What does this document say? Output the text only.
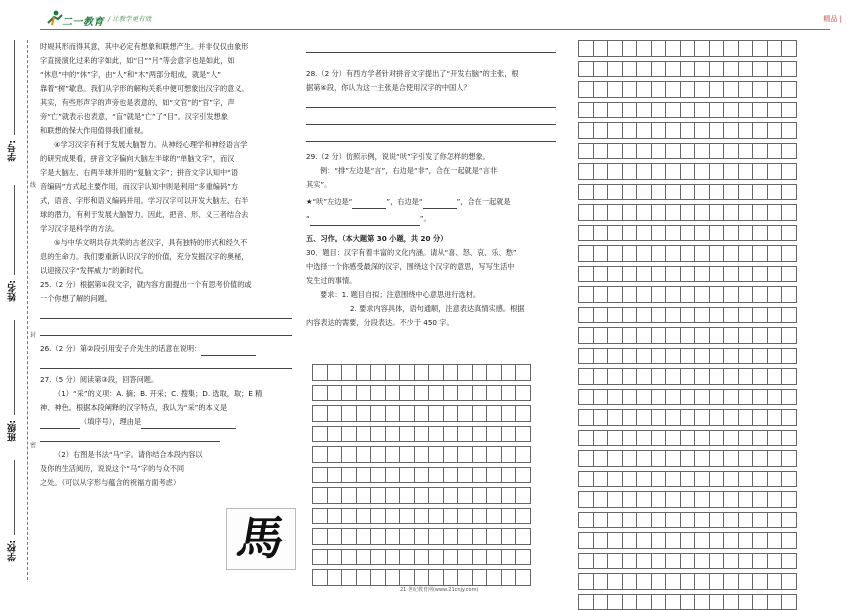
二一教育 / 让教学更有效	精品 |
学号:
姓名:
班级:
学校:
线
封
密

时规其形而得其意，其中必定有想象和联想产生。并非仅仅由象形

字直接演化过来的字如此，如“日”“月”等会意字也是如此，如

“休息”中的“休”字，由“人”和“木”两部分组成，就是“人”

靠着“树”歇息。我们从字形的解构关系中便可想象出汉字的意义。

其实，有些形声字的声旁也是表意的，如“文官”的“官”字，声

旁“亡”就表示也表意，“盲”就是“亡”了“目”。汉字引发想象

和联想的保大作用值得我们重视。

④学习汉字有利于发展大脑智力。从神经心理学和神经语言学

的研究成果看，拼音文字偏向大脑左半球的“单脑文字”，而汉

字是大脑左、右两半球并用的“复脑文字”；拼音文字认知中“语

音编码”方式起主要作用，而汉字认知中则是利用“多重编码”方

式，语音、字形和语义编码并用。学习汉字可以开发大脑左、右半

球的潜力，有利于发展大脑智力。因此，把音、形、义三者结合去

学习汉字是科学的方法。

⑤与中华文明共存共荣的古老汉字，具有独特的形式和经久不

息的生命力。我们要重新认识汉字的价值，充分发掘汉字的奥秘，

以迎接汉字“发挥威力”的新时代。

25.（2 分）根据第①段文字，就内容方面提出一个有思考价值的或

一个你想了解的问题。

26.（2 分）第②段引用安子介先生的话意在说明：

27.（5 分）阅读第③段，回答问题。

（1）“采”的义项：A. 摘；B. 开采；C. 搜集；D. 选取，取；E 精

神、神色。根据本段阐释的汉字特点，我认为“采”的本义是

（填序号），理由是

（2）右图是书法“马”字。请你结合本段内容以

及你的生活阅历，说说这个“马”字的与众不同

之处。（可以从字形与蕴含的祝福方面考虑）

馬

28.（2 分）有西方学者针对拼音文字提出了“开发右脑”的主张，根

据第④段，你认为这一主张是合使用汉字的中国人？

29.（2 分）仿照示例，说说“吠”字引发了你怎样的想象。

例：“排”左边是“言”，右边是“非”，合在一起就是“言非

其实”。

★“吠”左边是“	”，右边是“	”，合在一起就是

“	”。

五、习作。（本大题第 30 小题，共 20 分）

30．题目：汉字有着丰富的文化内涵。请从“喜、怒、哀、乐、愁”

中选择一个你感受最深的汉字，围绕这个汉字的意思，写写生活中

发生过的事情。

要求：1. 题目自拟；注意围绕中心意思进行选材。

2. 要求内容具体，语句通顺，注意表达真情实感。根据

内容表达的需要，分段表达。不少于 450 字。

21 世纪教育网(www.21cnjy.com)
